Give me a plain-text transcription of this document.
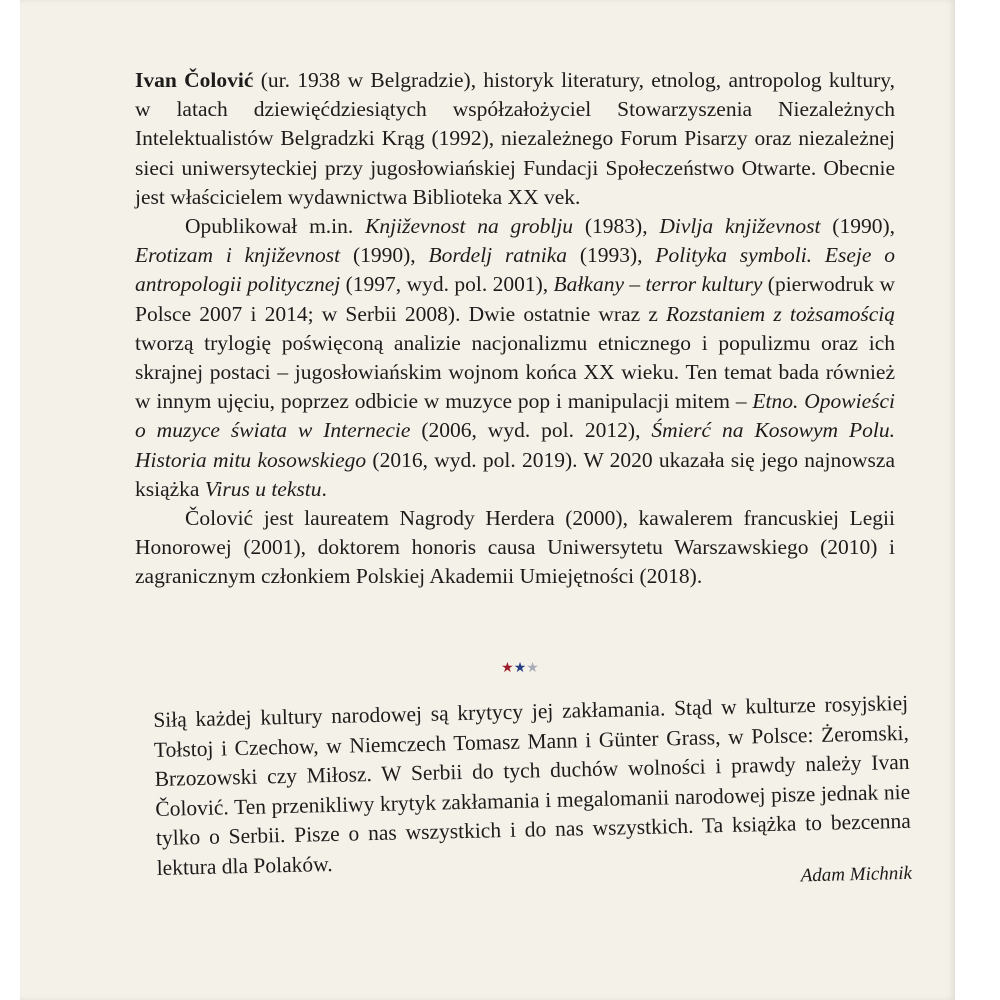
Ivan Čolović (ur. 1938 w Belgradzie), historyk literatury, etnolog, antropolog kultury, w latach dziewięćdziesiątych współzałożyciel Stowarzyszenia Niezależnych Intelektualistów Belgradzki Krąg (1992), niezależnego Forum Pisarzy oraz niezależnej sieci uniwersyteckiej przy jugosłowiańskiej Fundacji Społeczeństwo Otwarte. Obecnie jest właścicielem wydawnictwa Biblioteka XX vek.

Opublikował m.in. Književnost na groblju (1983), Divlja književnost (1990), Erotizam i književnost (1990), Bordelj ratnika (1993), Polityka symboli. Eseje o antropologii politycznej (1997, wyd. pol. 2001), Bałkany – terror kultury (pierwodruk w Polsce 2007 i 2014; w Serbii 2008). Dwie ostatnie wraz z Rozstaniem z tożsamością tworzą trylogię poświęconą analizie nacjonalizmu etnicznego i populizmu oraz ich skrajnej postaci – jugosłowiańskim wojnom końca XX wieku. Ten temat bada również w innym ujęciu, poprzez odbicie w muzyce pop i manipulacji mitem – Etno. Opowieści o muzyce świata w Internecie (2006, wyd. pol. 2012), Śmierć na Kosowym Polu. Historia mitu kosowskiego (2016, wyd. pol. 2019). W 2020 ukazała się jego najnowsza książka Virus u tekstu.

Čolović jest laureatem Nagrody Herdera (2000), kawalerem francuskiej Legii Honorowej (2001), doktorem honoris causa Uniwersytetu Warszawskiego (2010) i zagranicznym członkiem Polskiej Akademii Umiejętności (2018).

★★★

Siłą każdej kultury narodowej są krytycy jej zakłamania. Stąd w kulturze rosyjskiej Tołstoj i Czechow, w Niemczech Tomasz Mann i Günter Grass, w Polsce: Żeromski, Brzozowski czy Miłosz. W Serbii do tych duchów wolności i prawdy należy Ivan Čolović. Ten przenikliwy krytyk zakłamania i megalomanii narodowej pisze jednak nie tylko o Serbii. Pisze o nas wszystkich i do nas wszystkich. Ta książka to bezcenna lektura dla Polaków.	Adam Michnik
